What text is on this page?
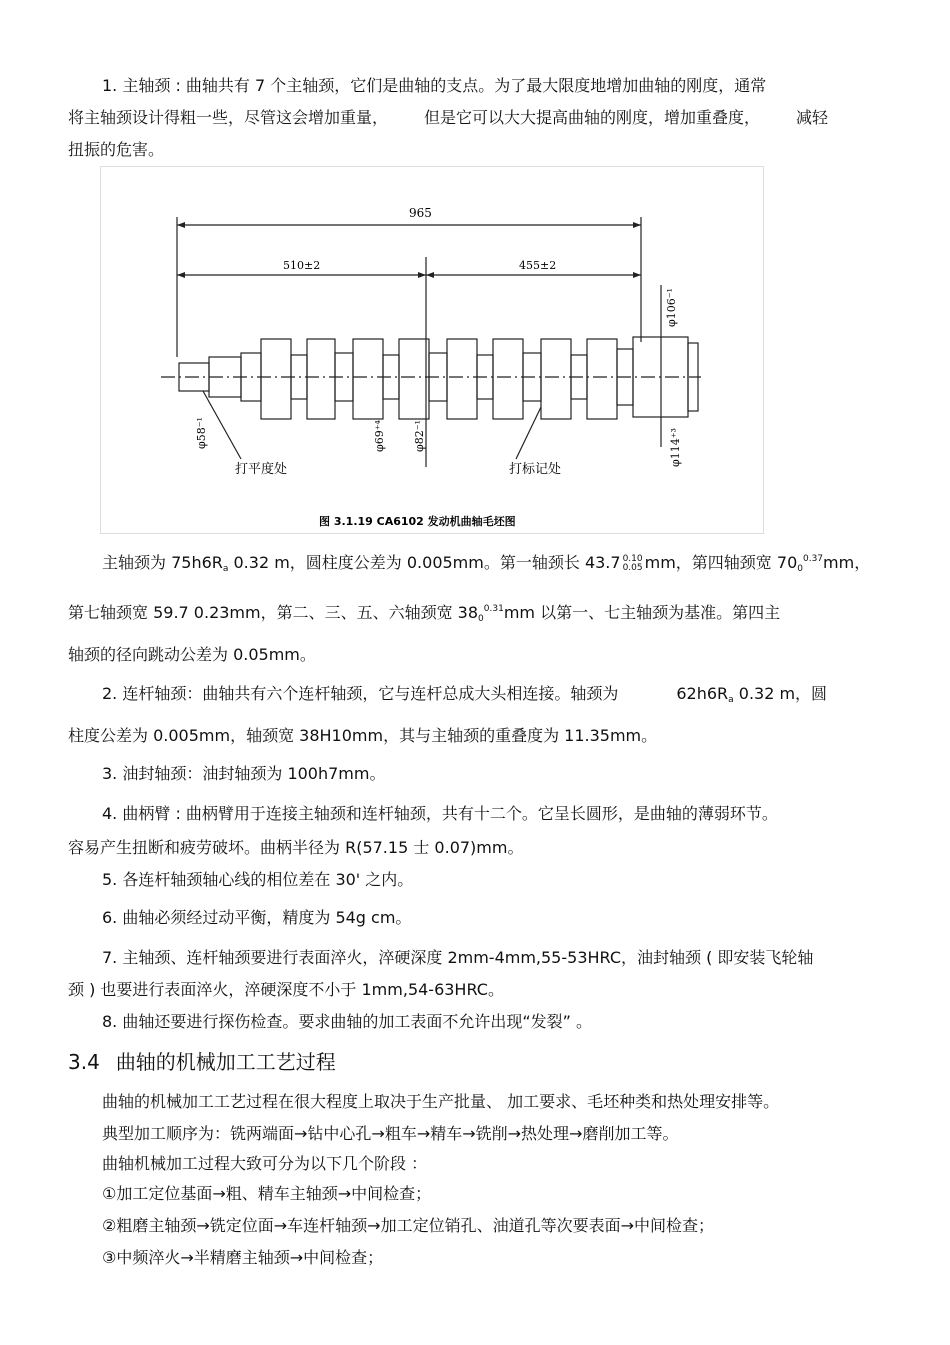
1. 主轴颈 : 曲轴共有 7 个主轴颈，它们是曲轴的支点。为了最大限度地增加曲轴的刚度，通常
将主轴颈设计得粗一些，尽管这会增加重量， 但是它可以大大提高曲轴的刚度，增加重叠度， 减轻
扭振的危害。
965
510±2	455±2
φ106⁻¹
φ58⁻¹	φ69⁺⁴ φ82⁻¹	φ114⁺³
打平度处	打标记处
图 3.1.19 CA6102 发动机曲轴毛坯图
主轴颈为 75h6Ra 0.32 m，圆柱度公差为 0.005mm。第一轴颈长 43.7 0.10
0.05 mm，第四轴颈宽 $700^{0.37}mm$，
第七轴颈宽 59.7 0.23mm，第二、三、五、六轴颈宽 $380^{0.31}mm$ 以第一、七主轴颈为基准。第四主
轴颈的径向跳动公差为 0.05mm。
2. 连杆轴颈：曲轴共有六个连杆轴颈，它与连杆总成大头相连接。轴颈为	62h6Ra 0.32 m，圆
柱度公差为 0.005mm，轴颈宽 38H10mm，其与主轴颈的重叠度为 11.35mm。
3. 油封轴颈：油封轴颈为 100h7mm。
4. 曲柄臂 : 曲柄臂用于连接主轴颈和连杆轴颈，共有十二个。它呈长圆形，是曲轴的薄弱环节。
容易产生扭断和疲劳破坏。曲柄半径为 R(57.15 士 0.07)mm。
5. 各连杆轴颈轴心线的相位差在 30' 之内。
6. 曲轴必须经过动平衡，精度为 54g cm。
7. 主轴颈、连杆轴颈要进行表面淬火，淬硬深度 2mm-4mm,55-53HRC，油封轴颈 ( 即安装飞轮轴
颈 ) 也要进行表面淬火，淬硬深度不小于 1mm,54-63HRC。
8. 曲轴还要进行探伤检查。要求曲轴的加工表面不允许出现“发裂” 。
3.4 曲轴的机械加工工艺过程
曲轴的机械加工工艺过程在很大程度上取决于生产批量、 加工要求、毛坯种类和热处理安排等。
典型加工顺序为：铣两端面→钻中心孔→粗车→精车→铣削→热处理→磨削加工等。
曲轴机械加工过程大致可分为以下几个阶段 ：
①加工定位基面→粗、精车主轴颈→中间检查；
②粗磨主轴颈→铣定位面→车连杆轴颈→加工定位销孔、油道孔等次要表面→中间检查；
③中频淬火→半精磨主轴颈→中间检查；
